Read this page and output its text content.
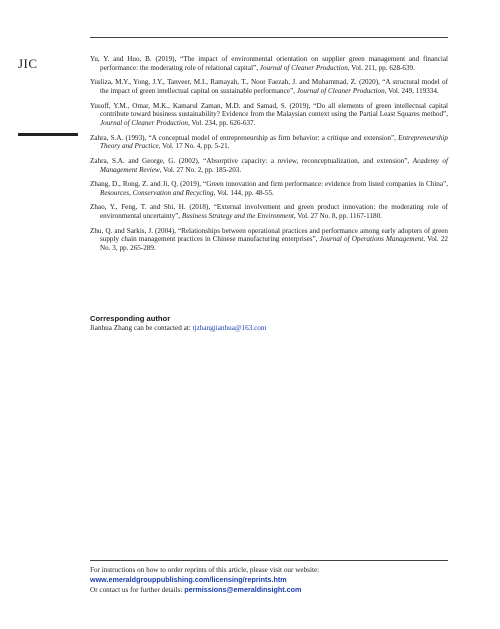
JIC	Yu, Y. and Huo, B. (2019), “The impact of environmental orientation on supplier green management and financial performance: the moderating role of relational capital”, Journal of Cleaner Production, Vol. 211, pp. 628-639.
Yusliza, M.Y., Yong, J.Y., Tanveer, M.I., Ramayah, T., Noor Faezah, J. and Muhammad, Z. (2020), “A structural model of the impact of green intellectual capital on sustainable performance”, Journal of Cleaner Production, Vol. 249, 119334.
Yusoff, Y.M., Omar, M.K., Kamarul Zaman, M.D. and Samad, S. (2019), “Do all elements of green intellectual capital contribute toward business sustainability? Evidence from the Malaysian context using the Partial Least Squares method”, Journal of Cleaner Production, Vol. 234, pp. 626-637.
Zahra, S.A. (1993), “A conceptual model of entrepreneurship as firm behavior: a critique and extension”, Entrepreneurship Theory and Practice, Vol. 17 No. 4, pp. 5-21.
Zahra, S.A. and George, G. (2002), “Absorptive capacity: a review, reconceptualization, and extension”, Academy of Management Review, Vol. 27 No. 2, pp. 185-203.
Zhang, D., Rong, Z. and Ji, Q. (2019), “Green innovation and firm performance: evidence from listed companies in China”, Resources, Conservation and Recycling, Vol. 144, pp. 48-55.
Zhao, Y., Feng, T. and Shi, H. (2018), “External involvement and green product innovation: the moderating role of environmental uncertainty”, Business Strategy and the Environment, Vol. 27 No. 8, pp. 1167-1180.
Zhu, Q. and Sarkis, J. (2004), “Relationships between operational practices and performance among early adopters of green supply chain management practices in Chinese manufacturing enterprises”, Journal of Operations Management, Vol. 22 No. 3, pp. 265-289.
Corresponding author
Jianhua Zhang can be contacted at: tjzhangjianhua@163.com
For instructions on how to order reprints of this article, please visit our website:
www.emeraldgrouppublishing.com/licensing/reprints.htm
Or contact us for further details: permissions@emeraldinsight.com
